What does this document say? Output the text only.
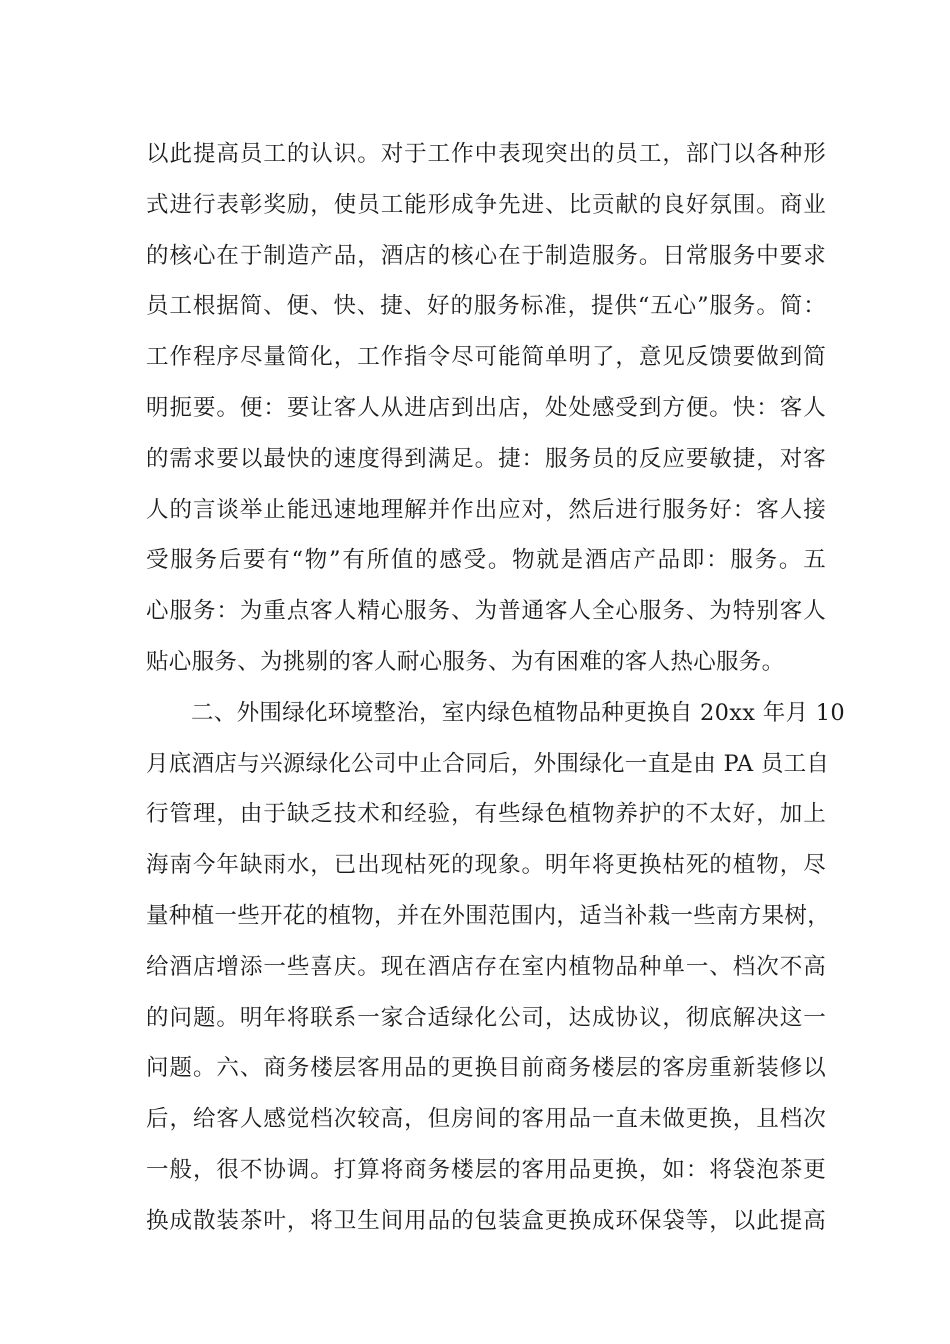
以此提高员工的认识。对于工作中表现突出的员工，部门以各种形
式进行表彰奖励，使员工能形成争先进、比贡献的良好氛围。商业
的核心在于制造产品，酒店的核心在于制造服务。日常服务中要求
员工根据简、便、快、捷、好的服务标准，提供“五心”服务。简：
工作程序尽量简化，工作指令尽可能简单明了，意见反馈要做到简
明扼要。便：要让客人从进店到出店，处处感受到方便。快：客人
的需求要以最快的速度得到满足。捷：服务员的反应要敏捷，对客
人的言谈举止能迅速地理解并作出应对，然后进行服务好：客人接
受服务后要有“物”有所值的感受。物就是酒店产品即：服务。五
心服务：为重点客人精心服务、为普通客人全心服务、为特别客人
贴心服务、为挑剔的客人耐心服务、为有困难的客人热心服务。
二、外围绿化环境整治，室内绿色植物品种更换自 20xx 年月 10
月底酒店与兴源绿化公司中止合同后，外围绿化一直是由 PA 员工自
行管理，由于缺乏技术和经验，有些绿色植物养护的不太好，加上
海南今年缺雨水，已出现枯死的现象。明年将更换枯死的植物，尽
量种植一些开花的植物，并在外围范围内，适当补栽一些南方果树，
给酒店增添一些喜庆。现在酒店存在室内植物品种单一、档次不高
的问题。明年将联系一家合适绿化公司，达成协议，彻底解决这一
问题。六、商务楼层客用品的更换目前商务楼层的客房重新装修以
后，给客人感觉档次较高，但房间的客用品一直未做更换，且档次
一般，很不协调。打算将商务楼层的客用品更换，如：将袋泡茶更
换成散装茶叶，将卫生间用品的包装盒更换成环保袋等，以此提高
